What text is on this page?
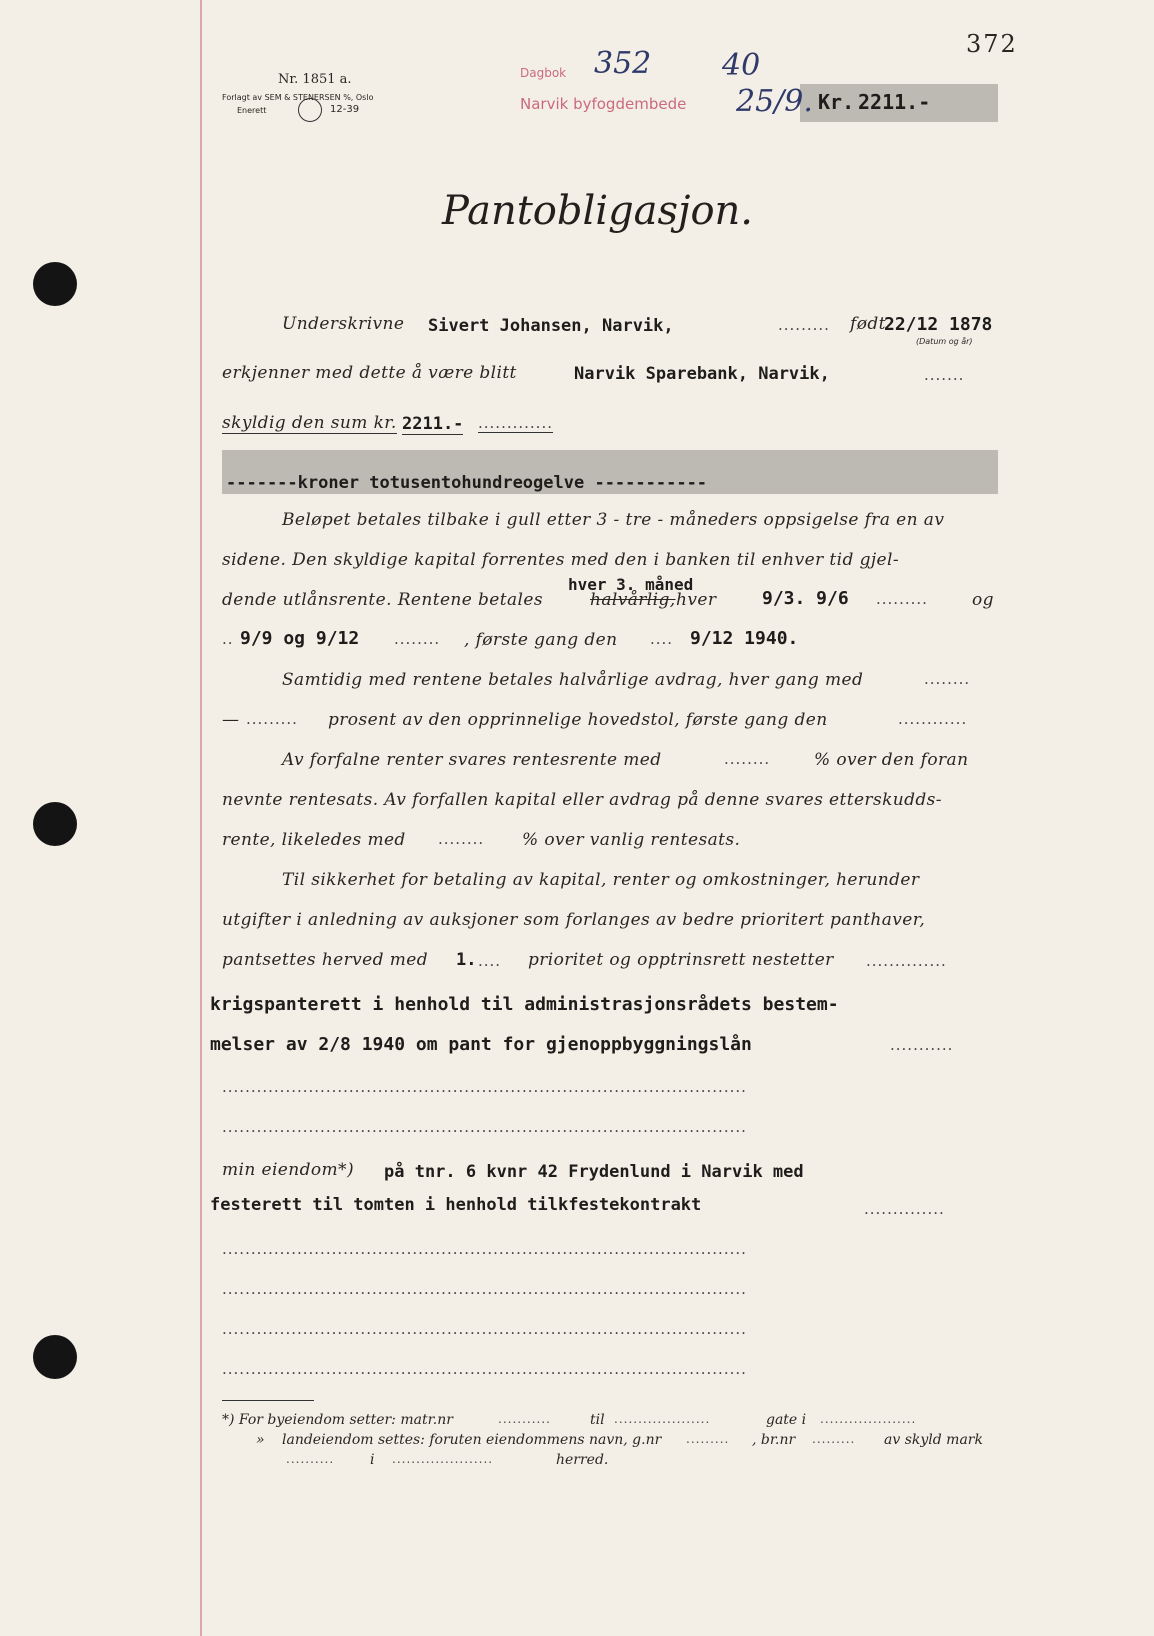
Nr. 1851 a.
Forlagt av SEM & STENERSEN %, Oslo
Enerett	12-39
372
Dagbok
Narvik byfogdembede
352 40
25/9. Kr. 2211.-
Pantobligasjon.
Underskrivne Sivert Johansen, Narvik,	......... født
22/12 1878
(Datum og år)
erkjenner med dette å være blitt	Narvik Sparebank, Narvik,	.......
skyldig den sum kr. 2211.- .............
-------kroner totusentohundreogelve -----------
Beløpet betales tilbake i gull etter 3 - tre - måneders oppsigelse fra en av
sidene. Den skyldige kapital forrentes med den i banken til enhver tid gjel-
dende utlånsrente. Rentene betales	halvårlig, hver
hver 3. måned
9/3. 9/6 .........	og
.. 9/9 og 9/12 ........ , første gang den .... 9/12 1940.
Samtidig med rentene betales halvårlige avdrag, hver gang med	........
— ......... prosent av den opprinnelige hovedstol, første gang den	............
Av forfalne renter svares rentesrente med	........	% over den foran
nevnte rentesats. Av forfallen kapital eller avdrag på denne svares etterskudds-
rente, likeledes med ........ % over vanlig rentesats.
Til sikkerhet for betaling av kapital, renter og omkostninger, herunder
utgifter i anledning av auksjoner som forlanges av bedre prioritert panthaver,
pantsettes herved med 1. .... prioritet og opptrinsrett nestetter ..............
krigspanterett i henhold til administrasjonsrådets bestem-
melser av 2/8 1940 om pant for gjenoppbyggningslån	...........
...........................................................................................
...........................................................................................
min eiendom*) på tnr. 6 kvnr 42 Frydenlund i Narvik med
festerett til tomten i henhold tilkfestekontrakt	..............
...........................................................................................
...........................................................................................
...........................................................................................
...........................................................................................
*) For byeiendom setter: matr.nr	...........	til ....................	gate i ....................
» landeiendom settes: foruten eiendommens navn, g.nr ......... , br.nr ......... av skyld mark
..........	i .....................	herred.
